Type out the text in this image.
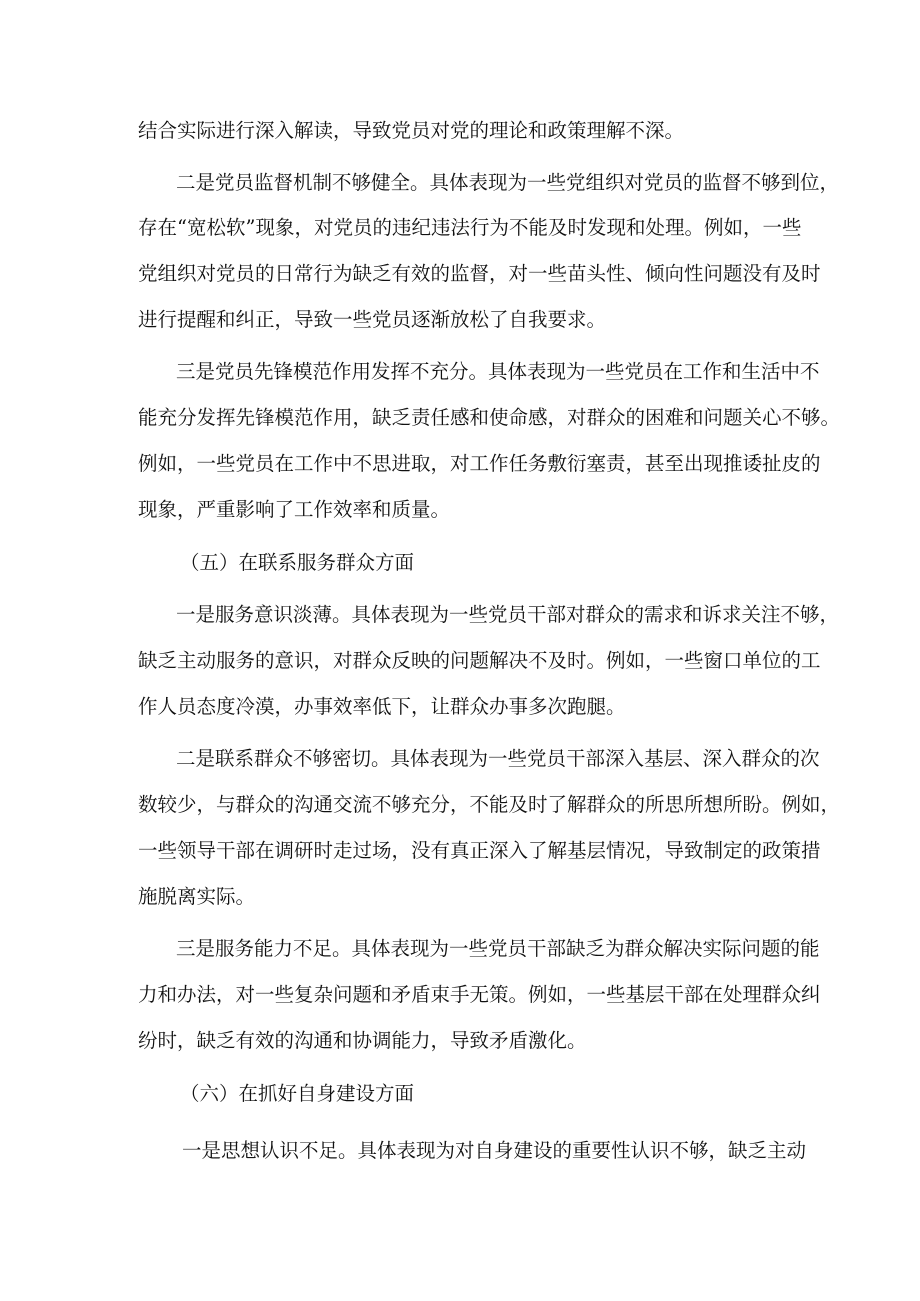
结合实际进行深入解读，导致党员对党的理论和政策理解不深。
二是党员监督机制不够健全。具体表现为一些党组织对党员的监督不够到位，
存在“宽松软”现象，对党员的违纪违法行为不能及时发现和处理。例如，一些
党组织对党员的日常行为缺乏有效的监督，对一些苗头性、倾向性问题没有及时
进行提醒和纠正，导致一些党员逐渐放松了自我要求。
三是党员先锋模范作用发挥不充分。具体表现为一些党员在工作和生活中不
能充分发挥先锋模范作用，缺乏责任感和使命感，对群众的困难和问题关心不够。
例如，一些党员在工作中不思进取，对工作任务敷衍塞责，甚至出现推诿扯皮的
现象，严重影响了工作效率和质量。
（五）在联系服务群众方面
一是服务意识淡薄。具体表现为一些党员干部对群众的需求和诉求关注不够，
缺乏主动服务的意识，对群众反映的问题解决不及时。例如，一些窗口单位的工
作人员态度冷漠，办事效率低下，让群众办事多次跑腿。
二是联系群众不够密切。具体表现为一些党员干部深入基层、深入群众的次
数较少，与群众的沟通交流不够充分，不能及时了解群众的所思所想所盼。例如，
一些领导干部在调研时走过场，没有真正深入了解基层情况，导致制定的政策措
施脱离实际。
三是服务能力不足。具体表现为一些党员干部缺乏为群众解决实际问题的能
力和办法，对一些复杂问题和矛盾束手无策。例如，一些基层干部在处理群众纠
纷时，缺乏有效的沟通和协调能力，导致矛盾激化。
（六）在抓好自身建设方面
一是思想认识不足。具体表现为对自身建设的重要性认识不够，缺乏主动
